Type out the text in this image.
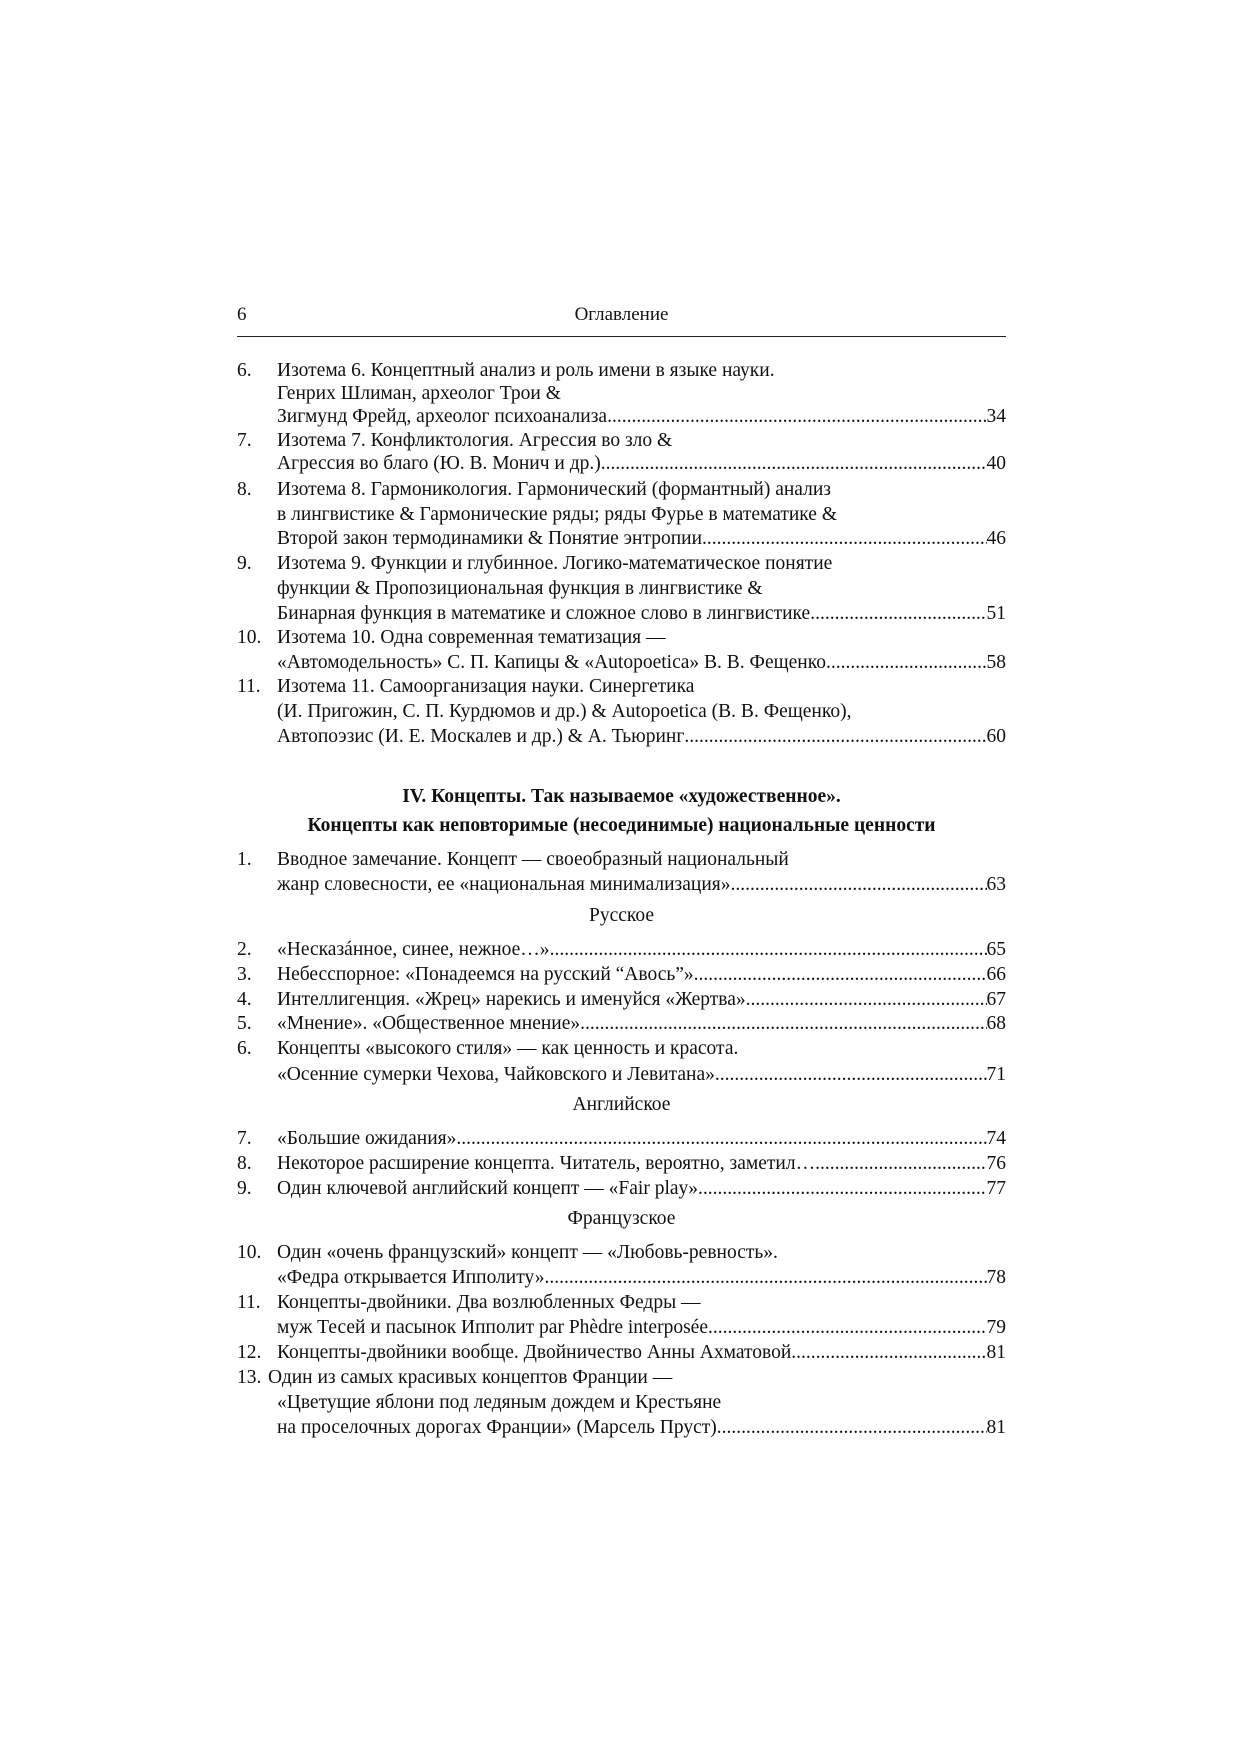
6	Оглавление
6. Изотема 6. Концептный анализ и роль имени в языке науки.
Генрих Шлиман, археолог Трои &
Зигмунд Фрейд, археолог психоанализа .....	34
7. Изотема 7. Конфликтология. Агрессия во зло &
Агрессия во благо (Ю. В. Монич и др.) .....	40
8. Изотема 8. Гармоникология. Гармонический (формантный) анализ
в лингвистике & Гармонические ряды; ряды Фурье в математике &
Второй закон термодинамики & Понятие энтропии .....	46
9. Изотема 9. Функции и глубинное. Логико-математическое понятие
функции & Пропозициональная функция в лингвистике &
Бинарная функция в математике и сложное слово в лингвистике .....	51
10. Изотема 10. Одна современная тематизация —
«Автомодельность» С. П. Капицы & «Autopoetica» В. В. Фещенко .....	58
11. Изотема 11. Самоорганизация науки. Синергетика
(И. Пригожин, С. П. Курдюмов и др.) & Autopoetica (В. В. Фещенко),
Автопоэзис (И. Е. Москалев и др.) & А. Тьюринг .....	60
IV. Концепты. Так называемое «художественное».
Концепты как неповторимые (несоединимые) национальные ценности
1. Вводное замечание. Концепт — своеобразный национальный
жанр словесности, ее «национальная минимализация» .....	63
Русское
2. «Несказáнное, синее, нежное…» .....	65
3. Небесспорное: «Понадеемся на русский “Авось”» .....	66
4. Интеллигенция. «Жрец» нарекись и именуйся «Жертва» .....	67
5. «Мнение». «Общественное мнение» .....	68
6. Концепты «высокого стиля» — как ценность и красота.
«Осенние сумерки Чехова, Чайковского и Левитана» .....	71
Английское
7. «Большие ожидания» .....	74
8. Некоторое расширение концепта. Читатель, вероятно, заметил… .....	76
9. Один ключевой английский концепт — «Fair play» .....	77
Французское
10. Один «очень французский» концепт — «Любовь-ревность».
«Федра открывается Ипполиту» .....	78
11. Концепты-двойники. Два возлюбленных Федры —
муж Тесей и пасынок Ипполит par Phèdre interposée .....	79
12. Концепты-двойники вообще. Двойничество Анны Ахматовой .....	81
13. Один из самых красивых концептов Франции —
«Цветущие яблони под ледяным дождем и Крестьяне
на проселочных дорогах Франции» (Марсель Пруст) .....	81
